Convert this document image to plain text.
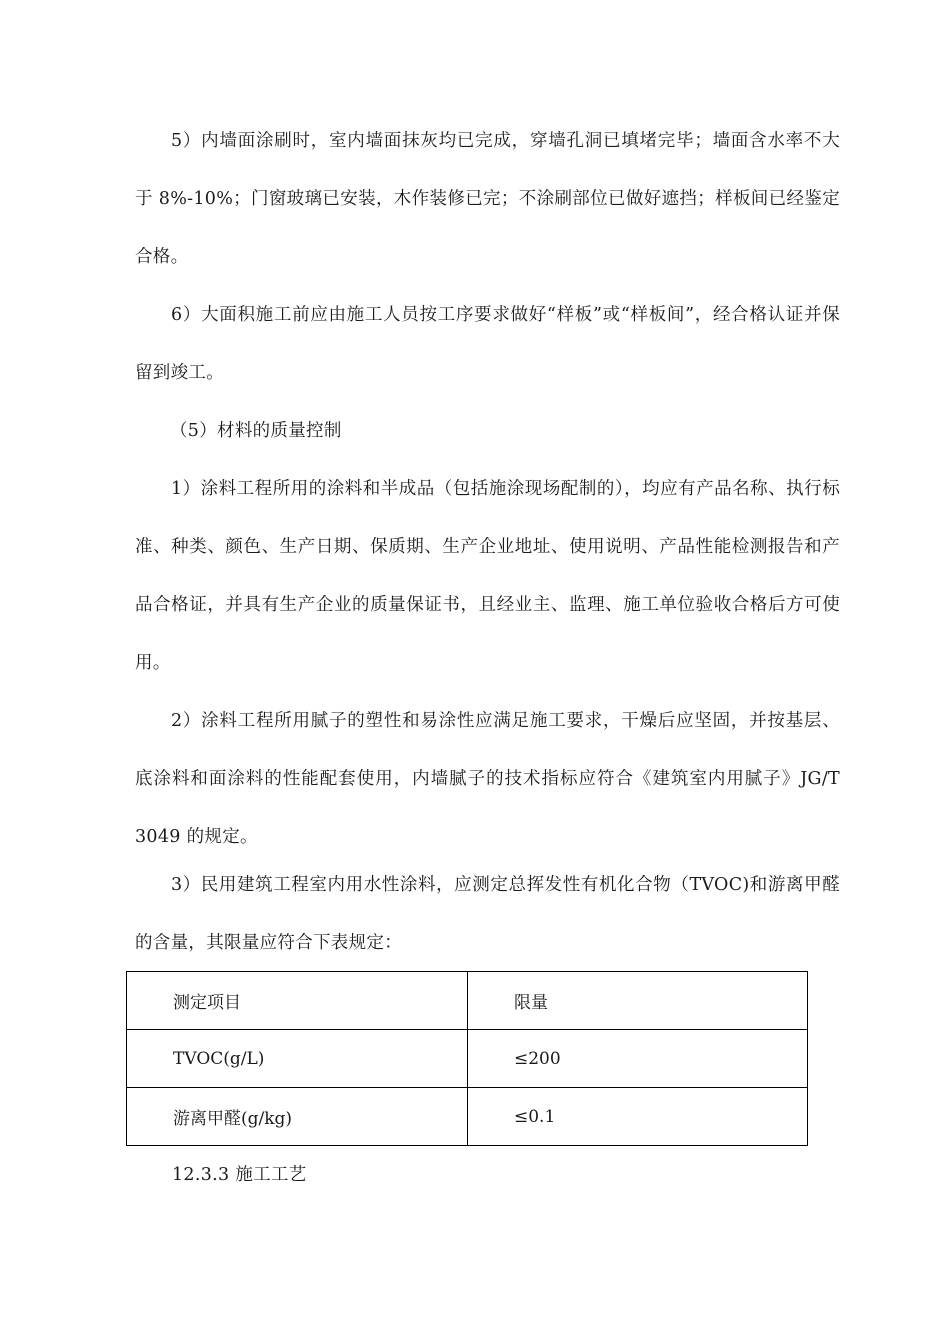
5）内墙面涂刷时，室内墙面抹灰均已完成，穿墙孔洞已填堵完毕；墙面含水率不大于 8%-10%；门窗玻璃已安装，木作装修已完；不涂刷部位已做好遮挡；样板间已经鉴定合格。

6）大面积施工前应由施工人员按工序要求做好“样板”或“样板间”，经合格认证并保留到竣工。

（5）材料的质量控制

1）涂料工程所用的涂料和半成品（包括施涂现场配制的），均应有产品名称、执行标准、种类、颜色、生产日期、保质期、生产企业地址、使用说明、产品性能检测报告和产品合格证，并具有生产企业的质量保证书，且经业主、监理、施工单位验收合格后方可使用。

2）涂料工程所用腻子的塑性和易涂性应满足施工要求，干燥后应坚固，并按基层、底涂料和面涂料的性能配套使用，内墙腻子的技术指标应符合《建筑室内用腻子》JG/T 3049 的规定。

3）民用建筑工程室内用水性涂料，应测定总挥发性有机化合物（TVOC)和游离甲醛的含量，其限量应符合下表规定：

测定项目	限量
TVOC(g/L)	≤200
游离甲醛(g/kg)	≤0.1

12.3.3 施工工艺
